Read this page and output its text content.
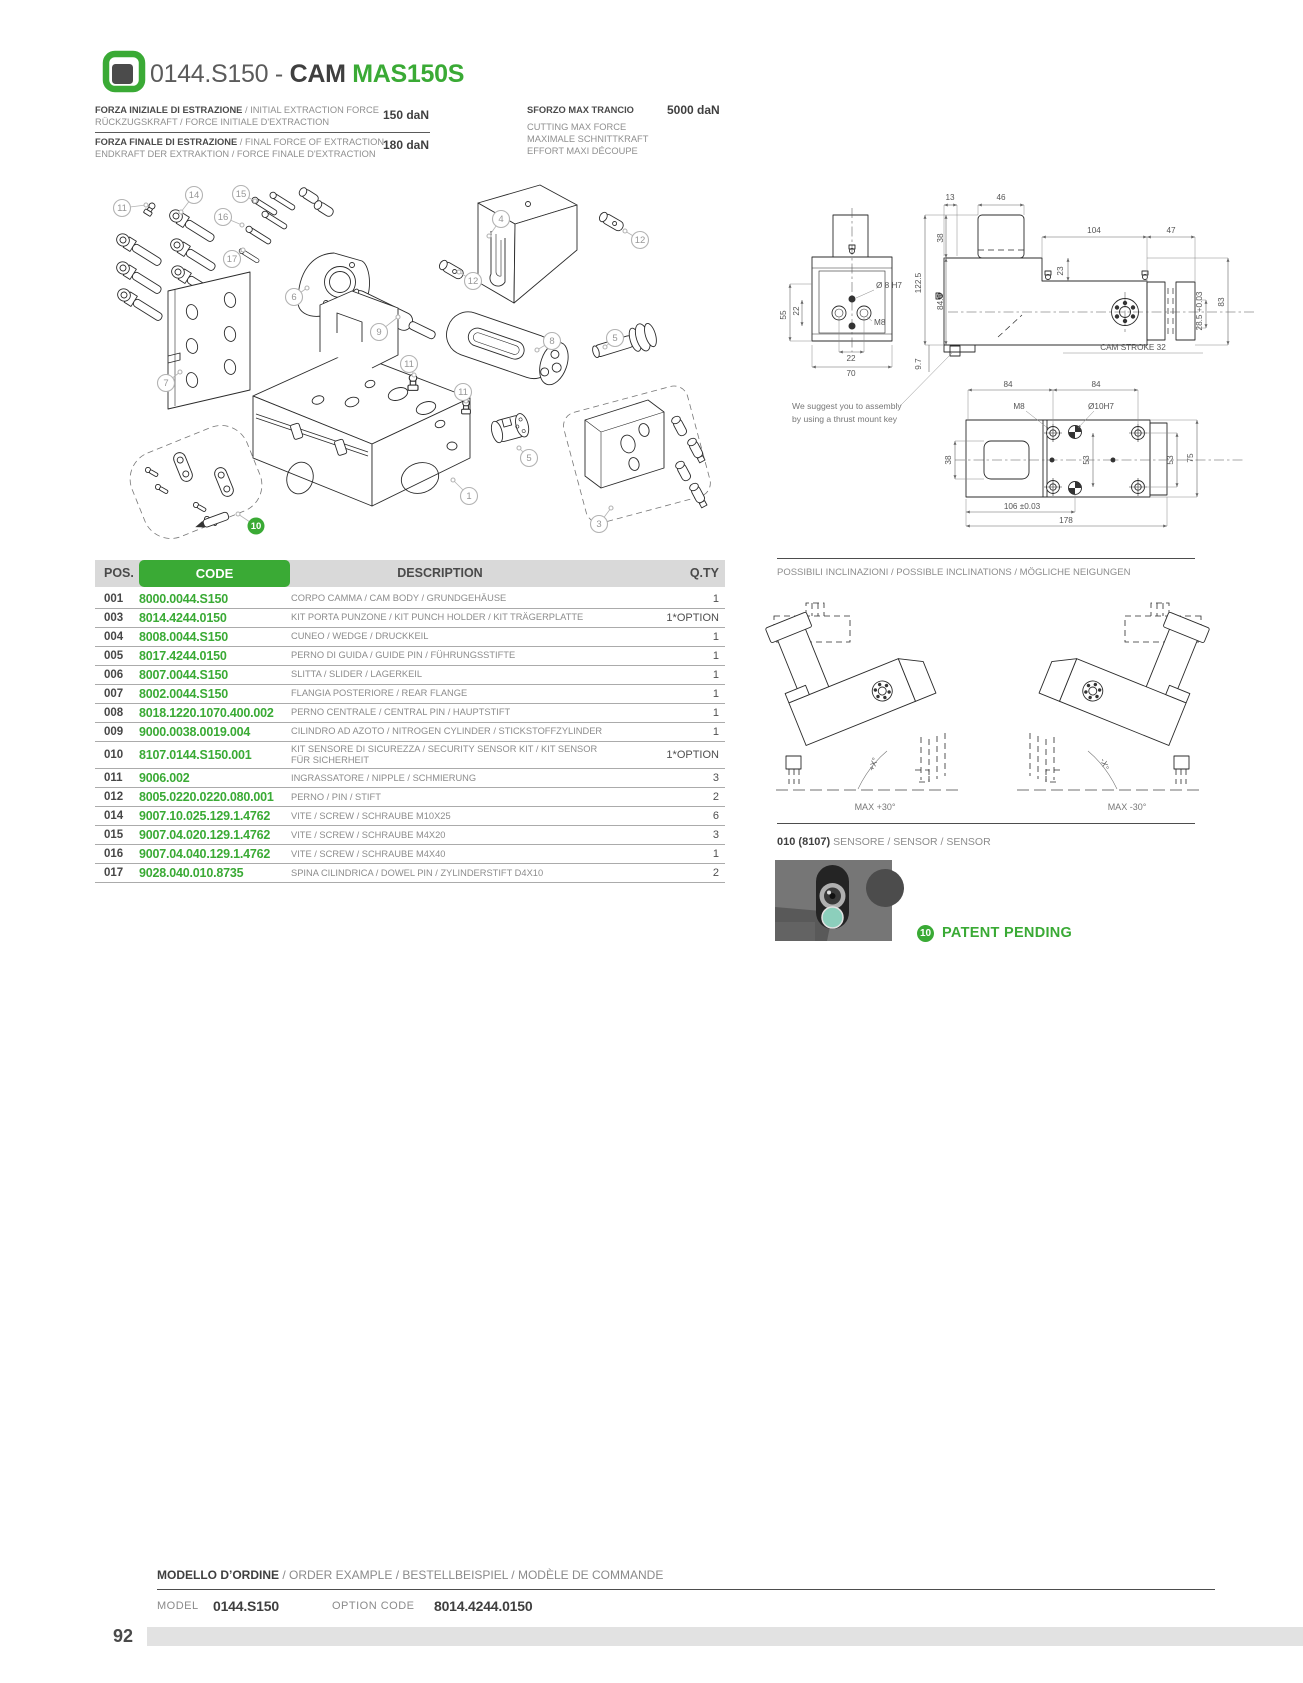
0144.S150 - CAM MAS150S
FORZA INIZIALE DI ESTRAZIONE / INITIAL EXTRACTION FORCE
RÜCKZUGSKRAFT / FORCE INITIALE D'EXTRACTION	150 daN
FORZA FINALE DI ESTRAZIONE / FINAL FORCE OF EXTRACTION
ENDKRAFT DER EXTRAKTION / FORCE FINALE D'EXTRACTION
180 daN
SFORZO MAX TRANCIO
CUTTING MAX FORCE
MAXIMALE SCHNITTKRAFT
EFFORT MAXI DÉCOUPE
5000 daN
11
14	15
16
17
4
12
12
6
9
8	5
7
11
11
5
1
3
10
55 22
22
70
Ø 8 H7
M8
122.5
38
84.4
13	46
104	47
23
28.5 +0.03 83
CAM STROKE 32
9.7
We suggest you to assembly
by using a thrust mount key
84	84
M8	Ø10H7
38	53	53 75
106 ±0.03
178
POSSIBILI INCLINAZIONI / POSSIBLE INCLINATIONS / MÖGLICHE NEIGUNGEN
+X°	-X°
MAX +30°	MAX -30°
010 (8107) SENSORE / SENSOR / SENSOR
10 PATENT PENDING
POS.	CODE	DESCRIPTION	Q.TY
001	8000.0044.S150	CORPO CAMMA / CAM BODY / GRUNDGEHÄUSE	1
003	8014.4244.0150	KIT PORTA PUNZONE / KIT PUNCH HOLDER / KIT TRÄGERPLATTE	1*OPTION
004	8008.0044.S150	CUNEO / WEDGE / DRUCKKEIL	1
005	8017.4244.0150	PERNO DI GUIDA / GUIDE PIN / FÜHRUNGSSTIFTE	1
006	8007.0044.S150	SLITTA / SLIDER / LAGERKEIL	1
007	8002.0044.S150	FLANGIA POSTERIORE / REAR FLANGE	1
008	8018.1220.1070.400.002	PERNO CENTRALE / CENTRAL PIN / HAUPTSTIFT	1
009	9000.0038.0019.004	CILINDRO AD AZOTO / NITROGEN CYLINDER / STICKSTOFFZYLINDER	1
010	8107.0144.S150.001	KIT SENSORE DI SICUREZZA / SECURITY SENSOR KIT / KIT SENSOR FÜR SICHERHEIT	1*OPTION
011	9006.002	INGRASSATORE / NIPPLE / SCHMIERUNG	3
012	8005.0220.0220.080.001	PERNO / PIN / STIFT	2
014	9007.10.025.129.1.4762	VITE / SCREW / SCHRAUBE M10X25	6
015	9007.04.020.129.1.4762	VITE / SCREW / SCHRAUBE M4X20	3
016	9007.04.040.129.1.4762	VITE / SCREW / SCHRAUBE M4X40	1
017	9028.040.010.8735	SPINA CILINDRICA / DOWEL PIN / ZYLINDERSTIFT D4X10	2
MODELLO D’ORDINE / ORDER EXAMPLE / BESTELLBEISPIEL / MODÈLE DE COMMANDE
MODEL 0144.S150	OPTION CODE 8014.4244.0150
92
